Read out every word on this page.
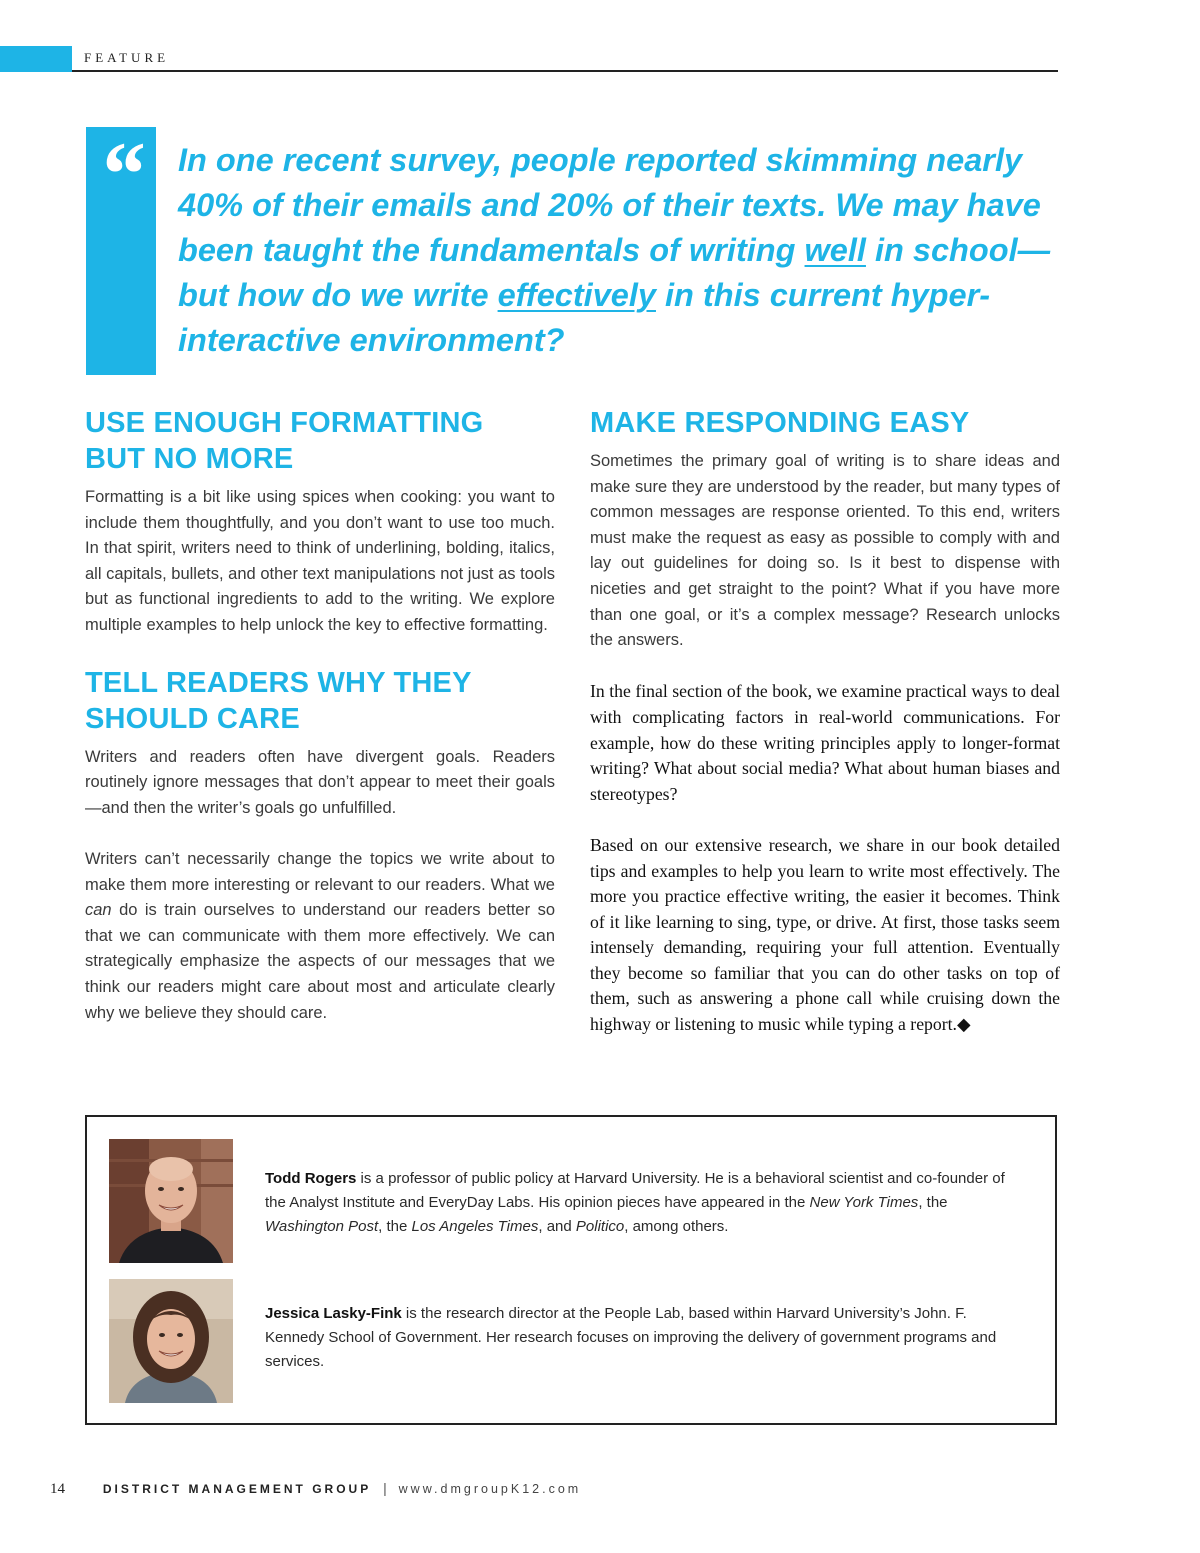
FEATURE
“ In one recent survey, people reported skimming nearly 40% of their emails and 20% of their texts. We may have been taught the fundamentals of writing well in school—but how do we write effectively in this current hyper-interactive environment?

USE ENOUGH FORMATTING
BUT NO MORE

Formatting is a bit like using spices when cooking: you want to include them thoughtfully, and you don’t want to use too much. In that spirit, writers need to think of underlining, bolding, italics, all capitals, bullets, and other text manipulations not just as tools but as functional ingredients to add to the writing. We explore multiple examples to help unlock the key to effective formatting.

TELL READERS WHY THEY
SHOULD CARE

Writers and readers often have divergent goals. Readers routinely ignore messages that don’t appear to meet their goals—and then the writer’s goals go unfulfilled.

Writers can’t necessarily change the topics we write about to make them more interesting or relevant to our readers. What we can do is train ourselves to understand our readers better so that we can communicate with them more effectively. We can strategically emphasize the aspects of our messages that we think our readers might care about most and articulate clearly why we believe they should care.

MAKE RESPONDING EASY

Sometimes the primary goal of writing is to share ideas and make sure they are understood by the reader, but many types of common messages are response oriented. To this end, writers must make the request as easy as possible to comply with and lay out guidelines for doing so. Is it best to dispense with niceties and get straight to the point? What if you have more than one goal, or it’s a complex message? Research unlocks the answers.

In the final section of the book, we examine practical ways to deal with complicating factors in real-world communications. For example, how do these writing principles apply to longer-format writing? What about social media? What about human biases and stereotypes?

Based on our extensive research, we share in our book detailed tips and examples to help you learn to write most effectively. The more you practice effective writing, the easier it becomes. Think of it like learning to sing, type, or drive. At first, those tasks seem intensely demanding, requiring your full attention. Eventually they become so familiar that you can do other tasks on top of them, such as answering a phone call while cruising down the highway or listening to music while typing a report.◆

Todd Rogers is a professor of public policy at Harvard University. He is a behavioral scientist and co-founder of the Analyst Institute and EveryDay Labs. His opinion pieces have appeared in the New York Times, the Washington Post, the Los Angeles Times, and Politico, among others.

Jessica Lasky-Fink is the research director at the People Lab, based within Harvard University’s John. F. Kennedy School of Government. Her research focuses on improving the delivery of government programs and services.

14	DISTRICT MANAGEMENT GROUP | www.dmgroupK12.com
